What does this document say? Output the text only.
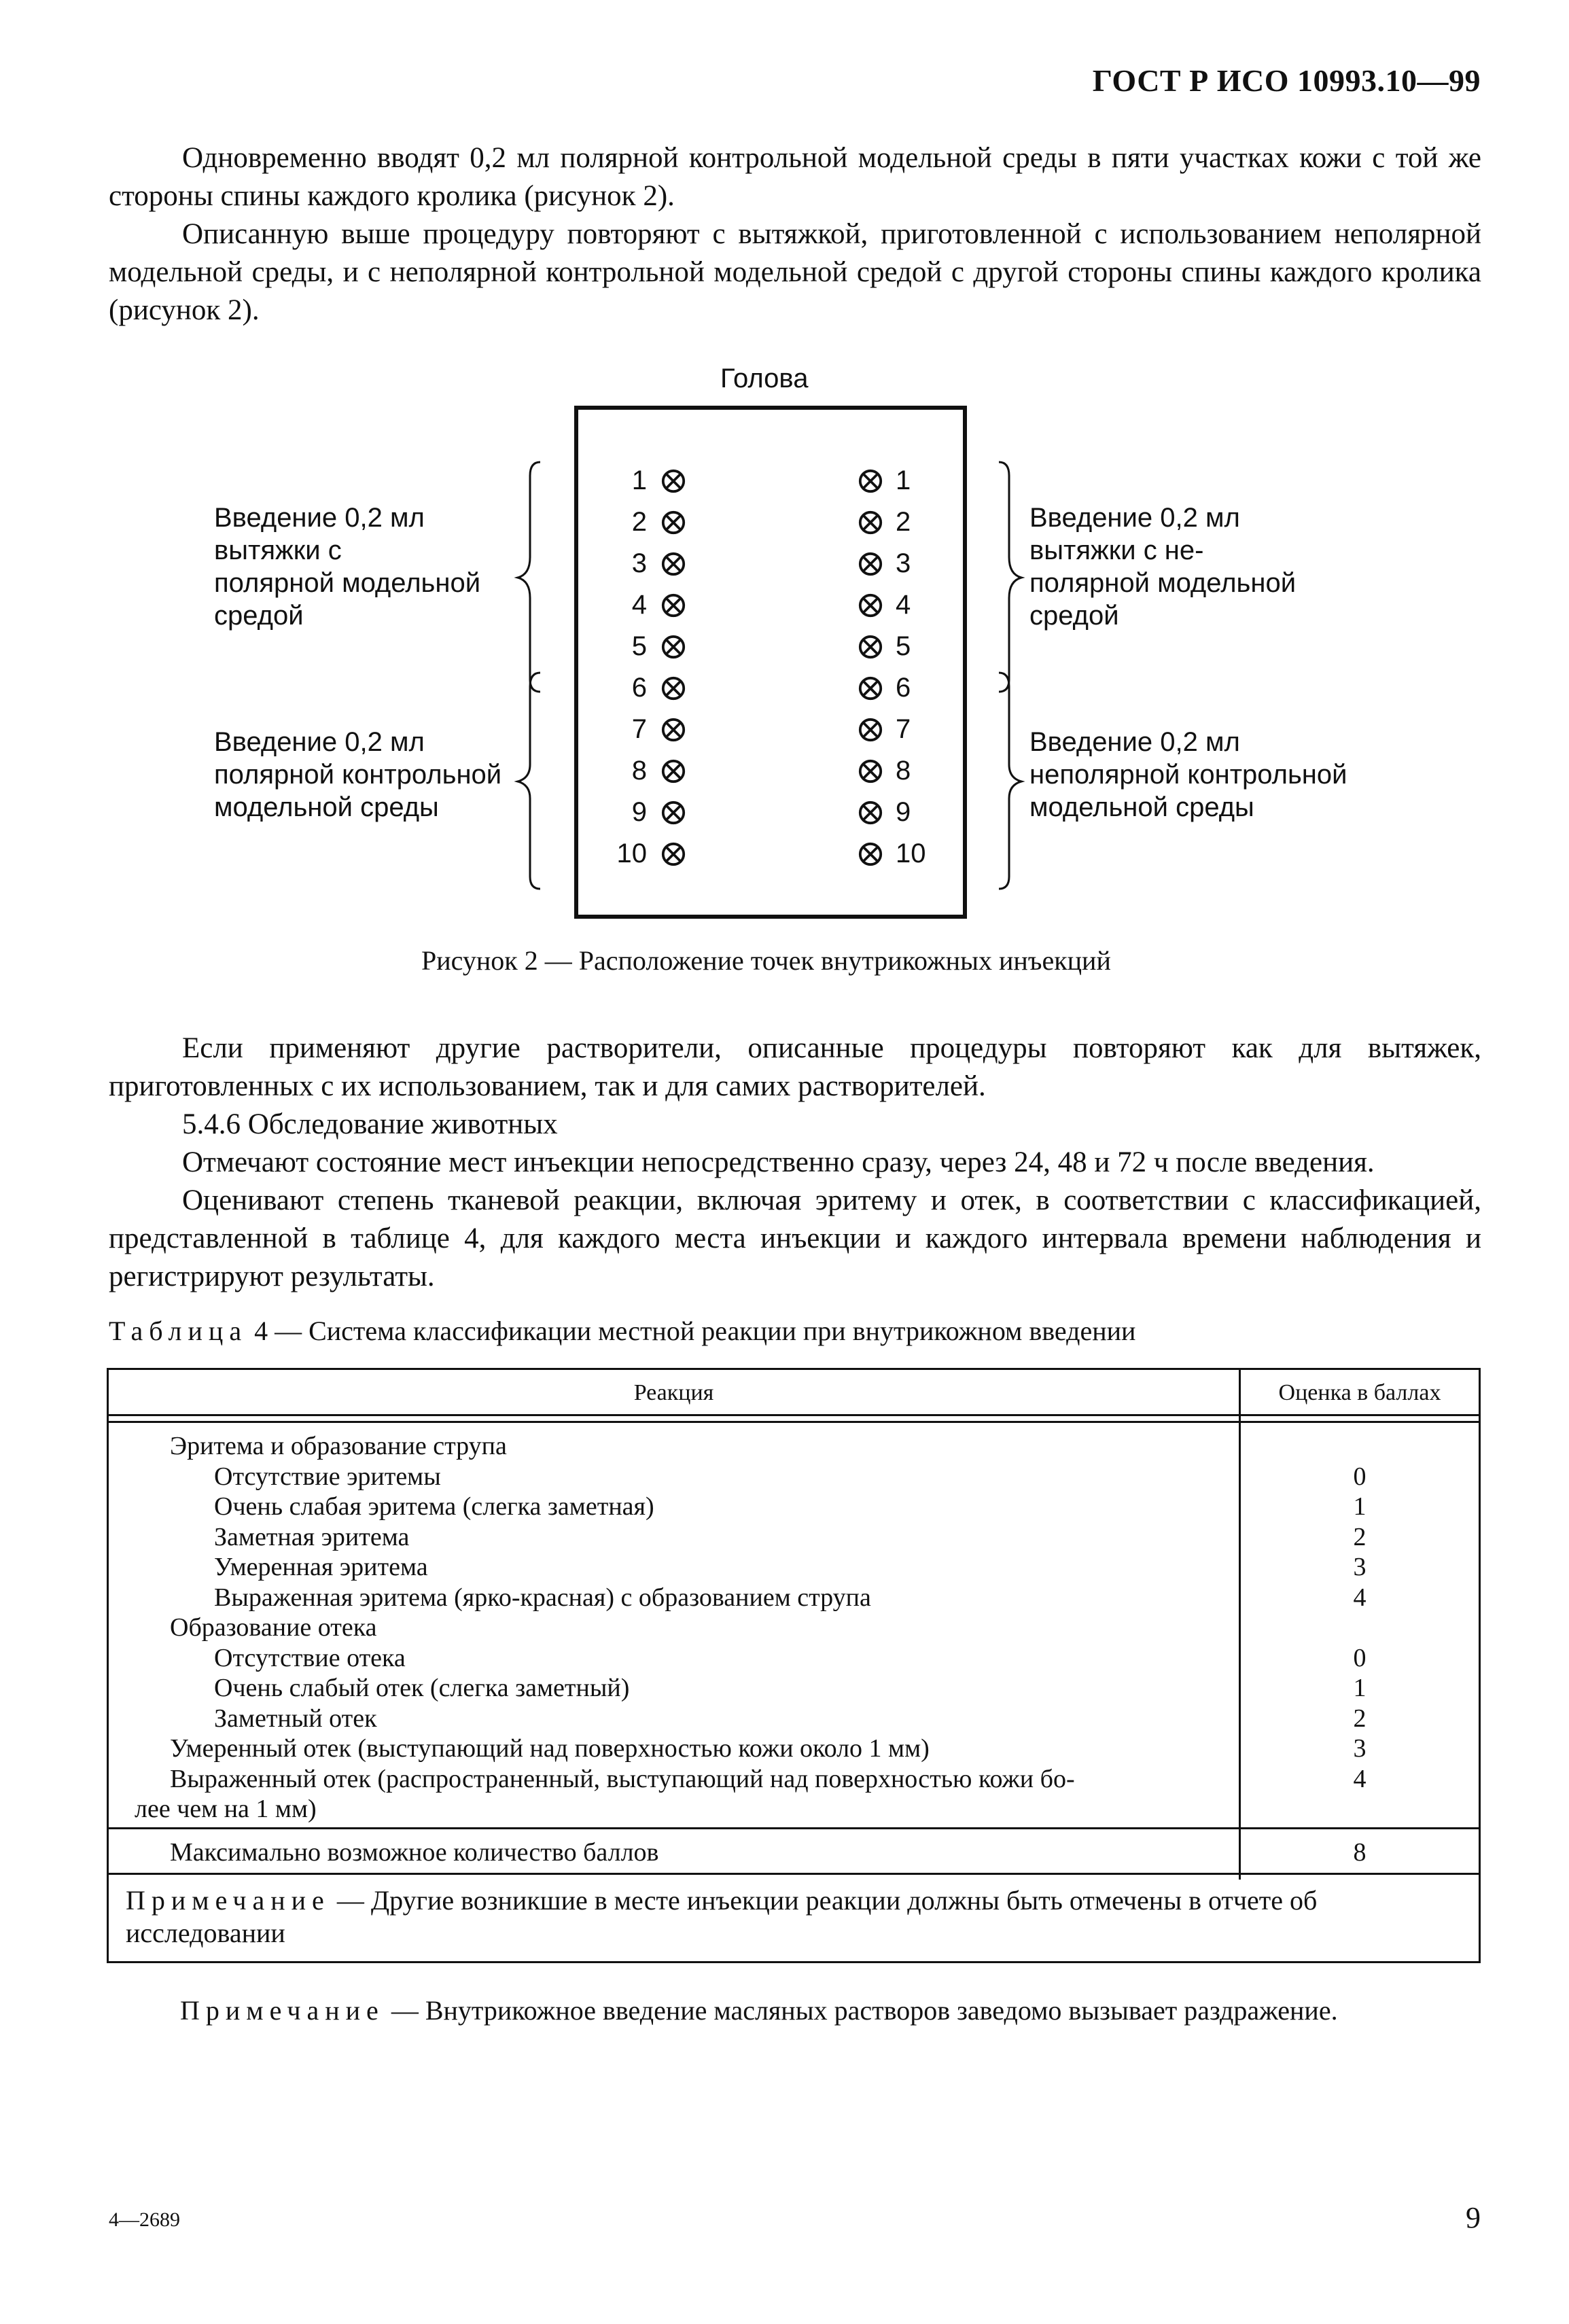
ГОСТ Р ИСО 10993.10—99

Одновременно вводят 0,2 мл полярной контрольной модельной среды в пяти участках кожи с той же стороны спины каждого кролика (рисунок 2).

Описанную выше процедуру повторяют с вытяжкой, приготовленной с использованием неполярной модельной среды, и с неполярной контрольной модельной средой с другой стороны спины каждого кролика (рисунок 2).

Голова
1
2
3
4
5
6
7
8
9
10
1
2
3
4
5
6
7
8
9
10
Введение 0,2 мл
вытяжки с
полярной модельной
средой
Введение 0,2 мл
полярной контрольной
модельной среды
Введение 0,2 мл
вытяжки с не-
полярной модельной
средой
Введение 0,2 мл
неполярной контрольной
модельной среды
Рисунок 2 — Расположение точек внутрикожных инъекций

Если применяют другие растворители, описанные процедуры повторяют как для вытяжек, приготовленных с их использованием, так и для самих растворителей.

5.4.6 Обследование животных

Отмечают состояние мест инъекции непосредственно сразу, через 24, 48 и 72 ч после введения.

Оценивают степень тканевой реакции, включая эритему и отек, в соответствии с классификацией, представленной в таблице 4, для каждого места инъекции и каждого интервала времени наблюдения и регистрируют результаты.

Таблица 4 — Система классификации местной реакции при внутрикожном введении
Реакция	Оценка в баллах
Эритема и образование струпа
Отсутствие эритемы	0
Очень слабая эритема (слегка заметная)	1
Заметная эритема	2
Умеренная эритема	3
Выраженная эритема (ярко-красная) с образованием струпа	4
Образование отека
Отсутствие отека	0
Очень слабый отек (слегка заметный)	1
Заметный отек	2
Умеренный отек (выступающий над поверхностью кожи около 1 мм)	3
Выраженный отек (распространенный, выступающий над поверхностью кожи бо-	4
лее чем на 1 мм)
Максимально возможное количество баллов	8
Примечание — Другие возникшие в месте инъекции реакции должны быть отмечены в отчете об исследовании
Примечание — Внутрикожное введение масляных растворов заведомо вызывает раздражение.
4—2689	9
